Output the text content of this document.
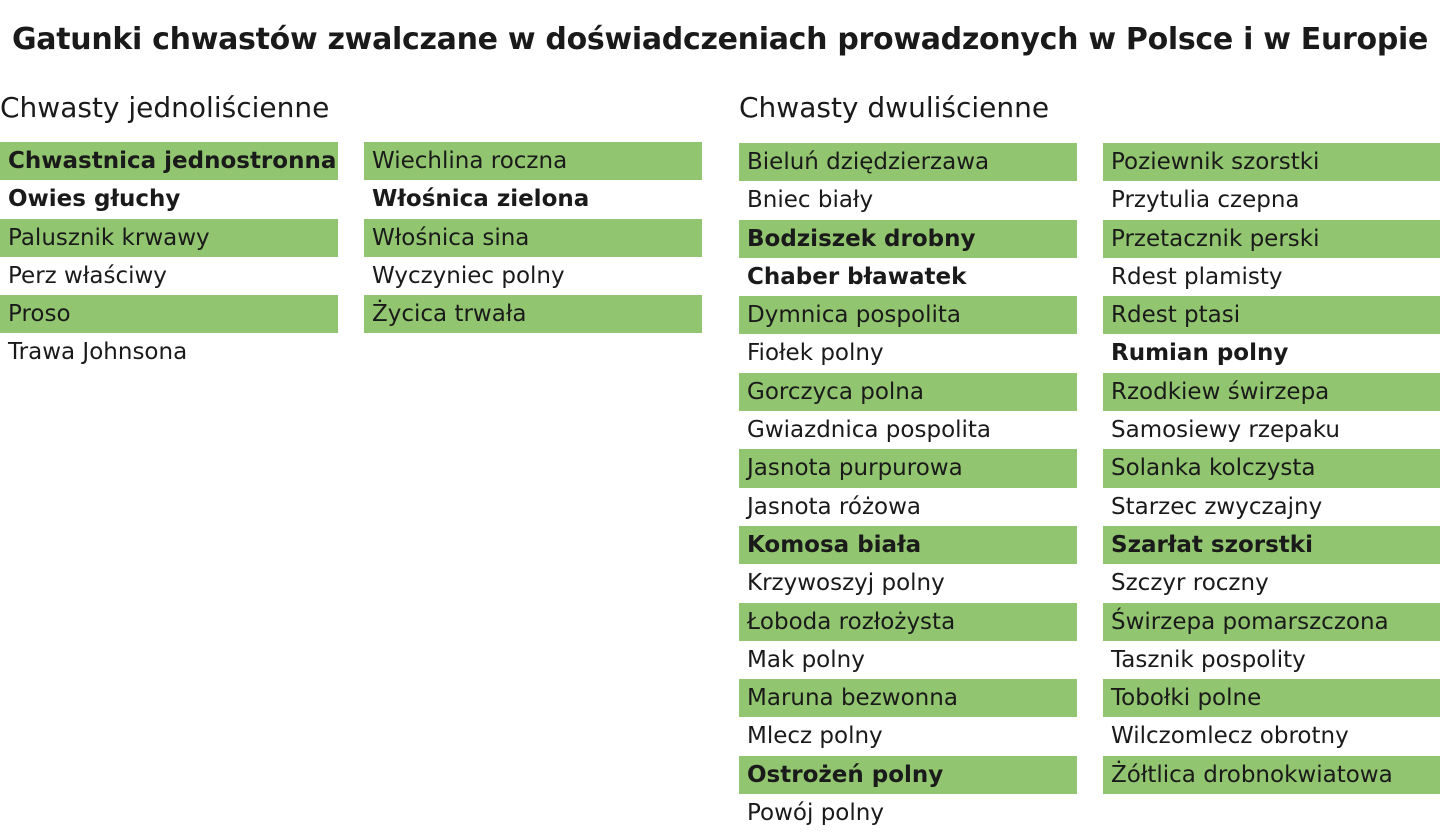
Gatunki chwastów zwalczane w doświadczeniach prowadzonych w Polsce i w Europie
Chwasty jednoliścienne	Chwasty dwuliścienne
Chwastnica jednostronna
Owies głuchy
Palusznik krwawy
Perz właściwy
Proso
Trawa Johnsona
Wiechlina roczna
Włośnica zielona
Włośnica sina
Wyczyniec polny
Życica trwała
Bieluń dziędzierzawa
Bniec biały
Bodziszek drobny
Chaber bławatek
Dymnica pospolita
Fiołek polny
Gorczyca polna
Gwiazdnica pospolita
Jasnota purpurowa
Jasnota różowa
Komosa biała
Krzywoszyj polny
Łoboda rozłożysta
Mak polny
Maruna bezwonna
Mlecz polny
Ostrożeń polny
Powój polny
Poziewnik szorstki
Przytulia czepna
Przetacznik perski
Rdest plamisty
Rdest ptasi
Rumian polny
Rzodkiew świrzepa
Samosiewy rzepaku
Solanka kolczysta
Starzec zwyczajny
Szarłat szorstki
Szczyr roczny
Świrzepa pomarszczona
Tasznik pospolity
Tobołki polne
Wilczomlecz obrotny
Żółtlica drobnokwiatowa
